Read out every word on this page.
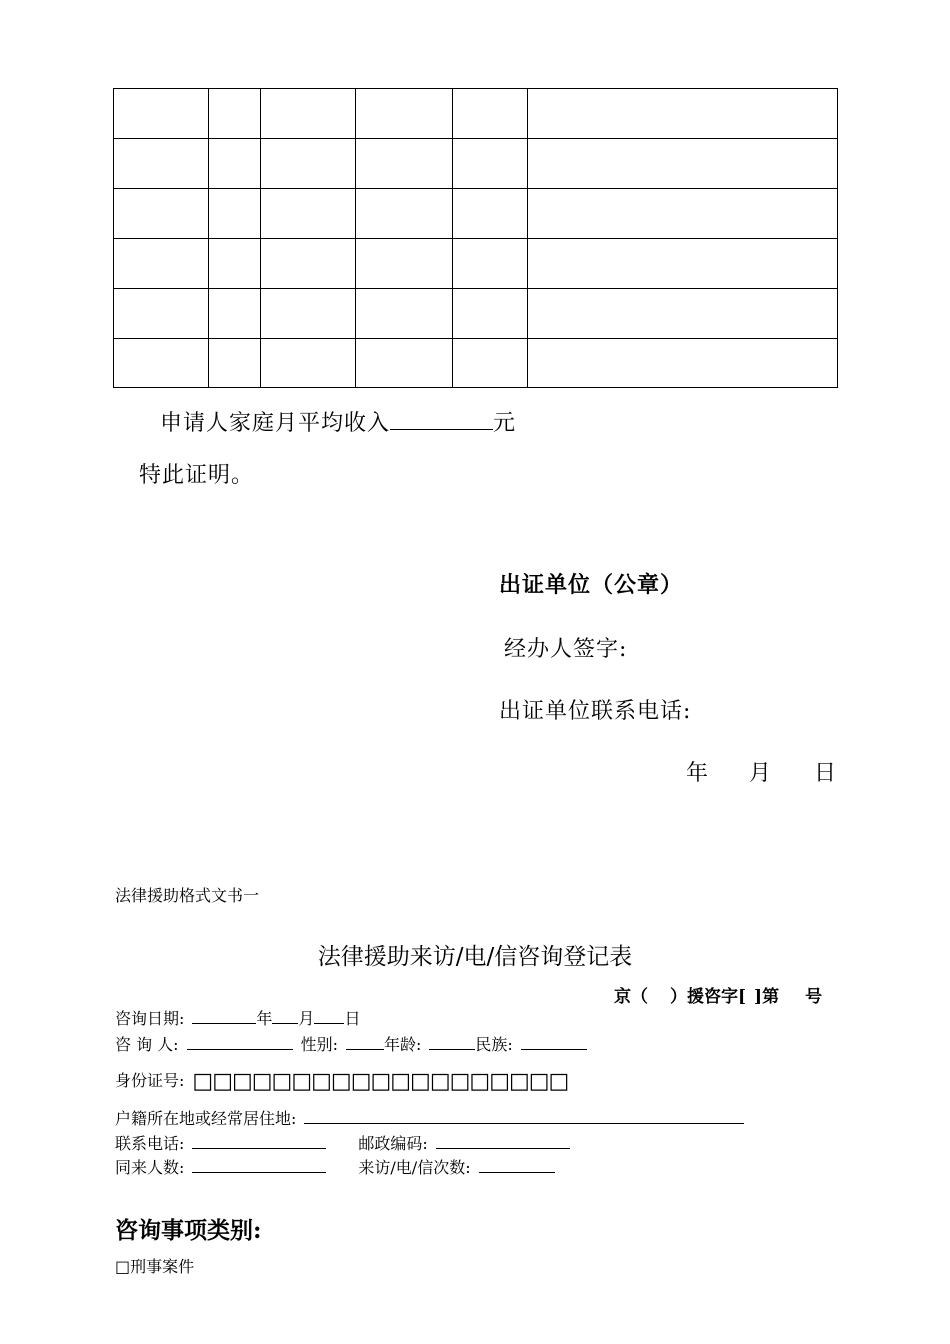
申请人家庭月平均收入	元
特此证明。
出证单位（公章）
经办人签字:
出证单位联系电话:
年 月 日
法律援助格式文书一
法律援助来访/电/信咨询登记表
京（ ）援咨字[ ]第 号
咨询日期:	年 月 日
咨 询 人:	性别:	年龄:	民族:
身份证号: □□□□□□□□□□□□□□□□□□□
户籍所在地或经常居住地:
联系电话:	邮政编码:
同来人数:	来访/电/信次数:
咨询事项类别:
□刑事案件
